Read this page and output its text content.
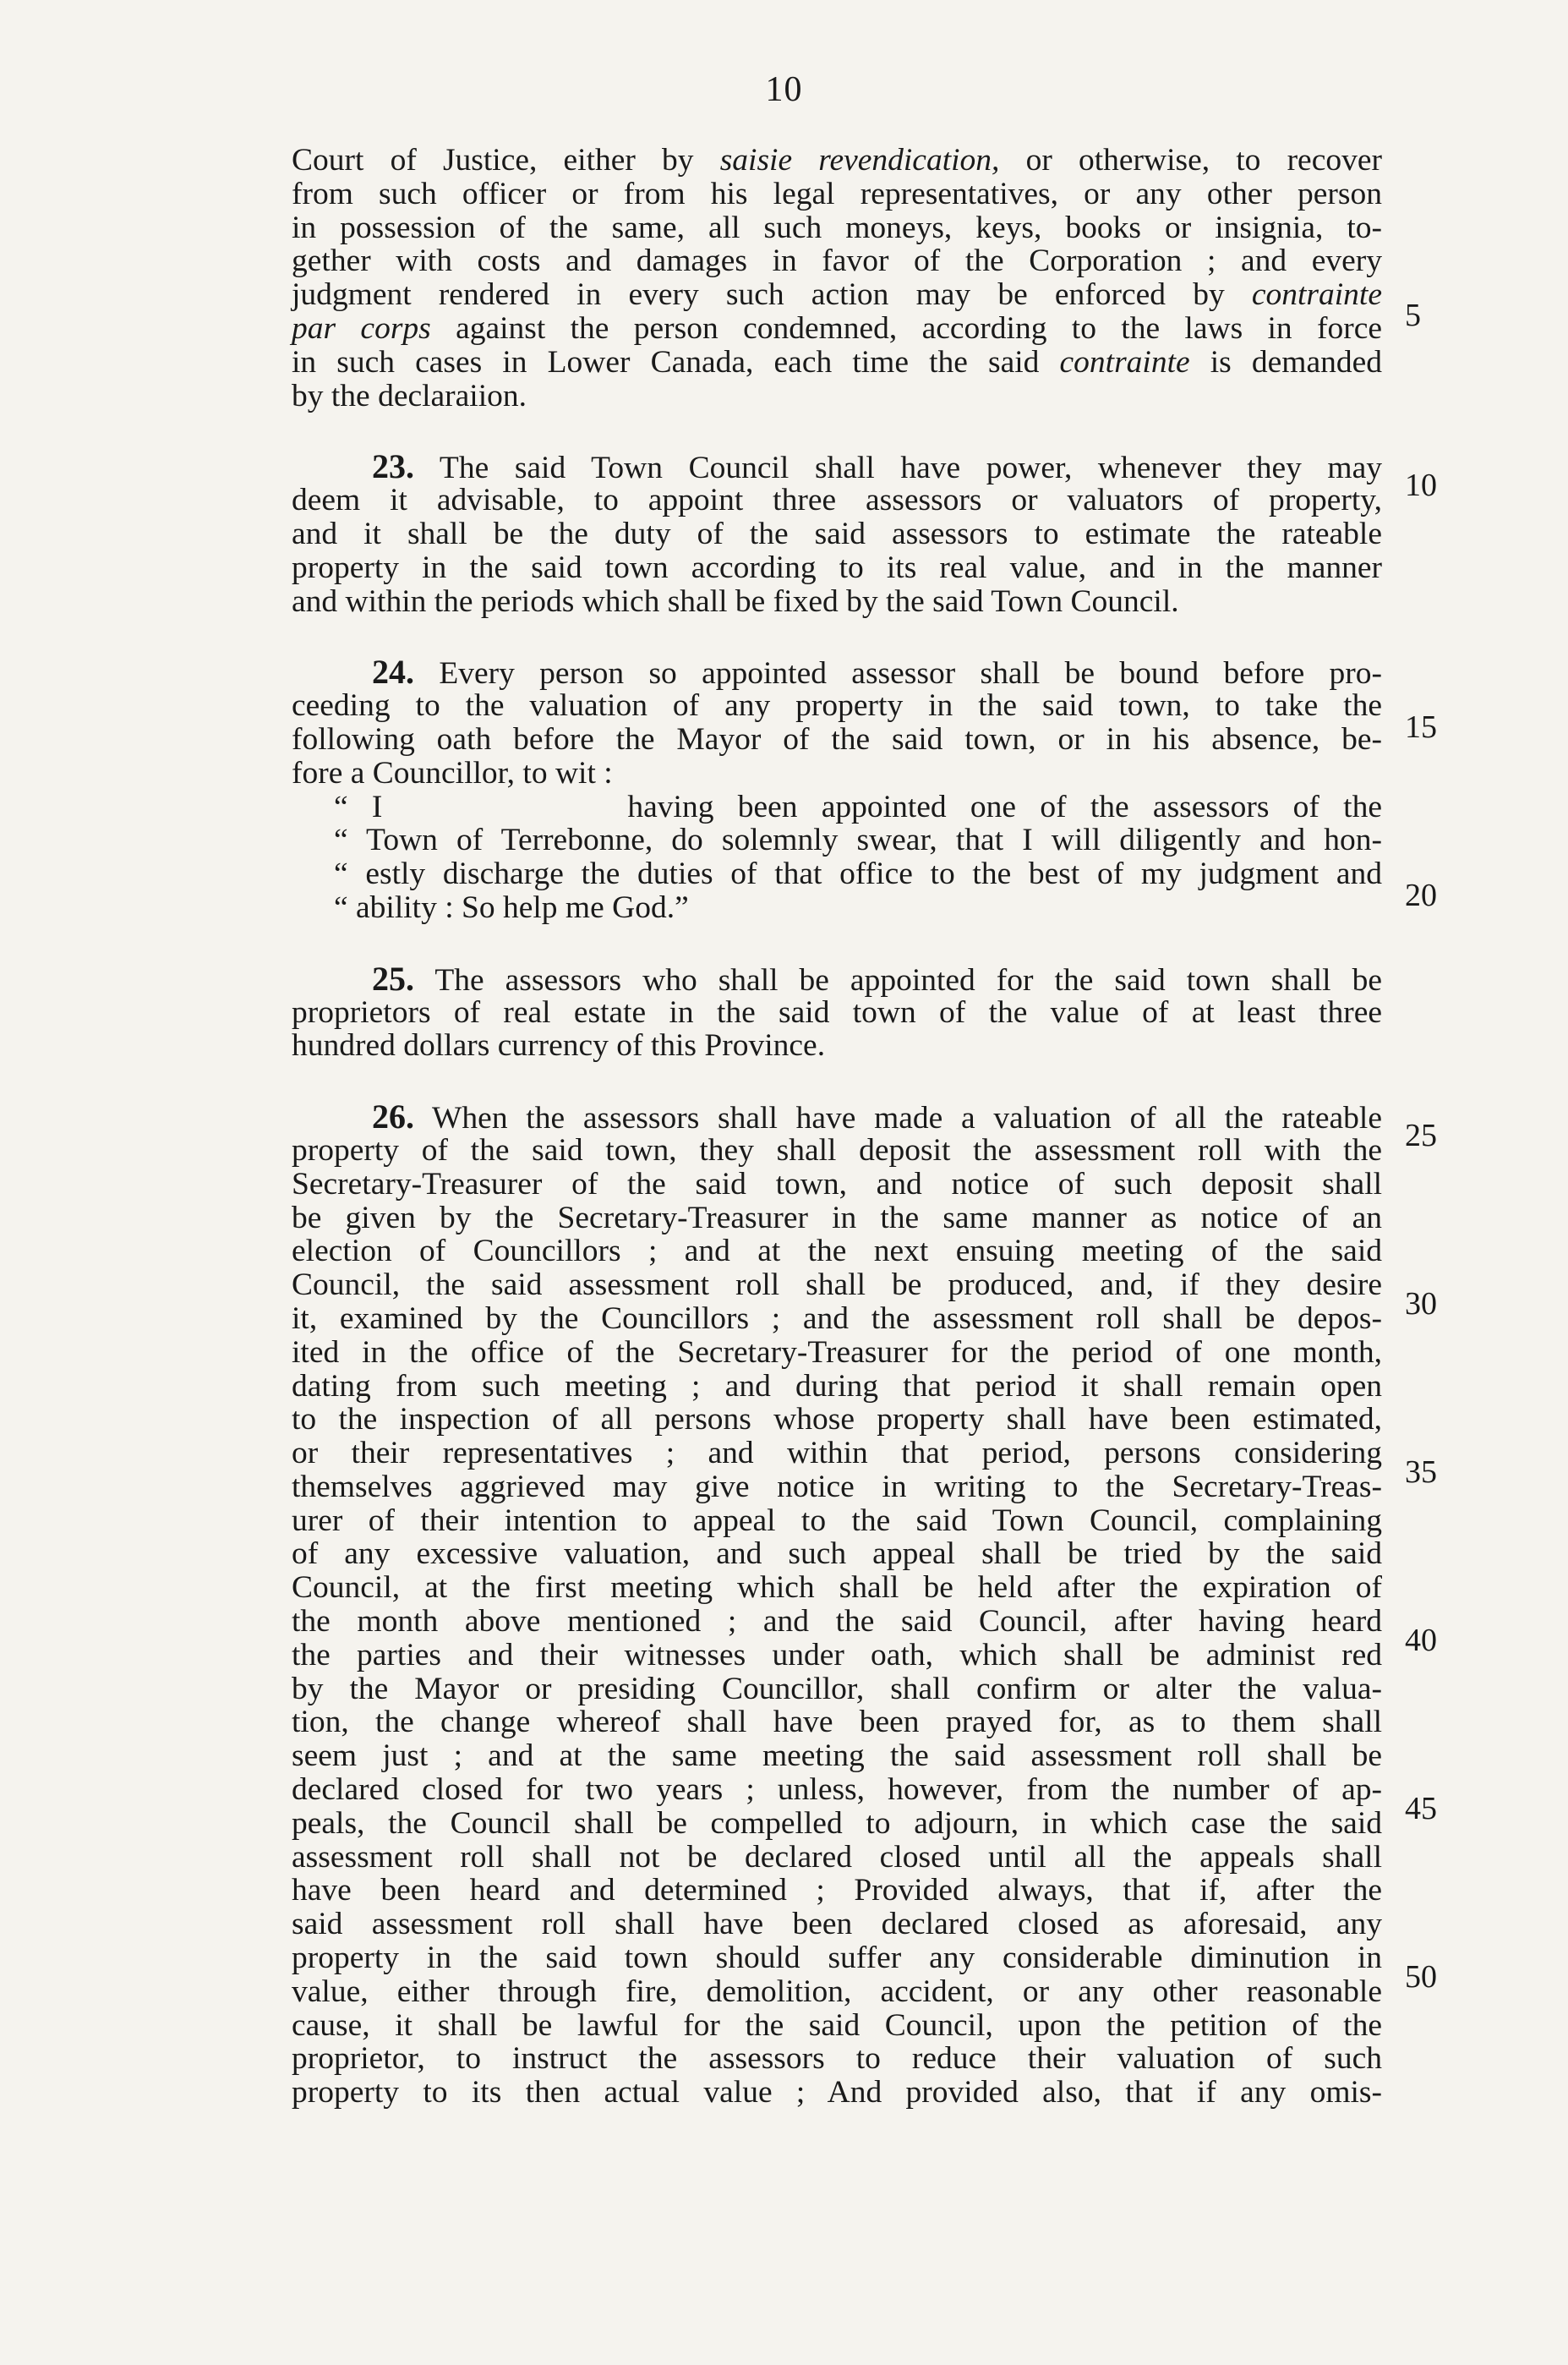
10
Court of Justice, either by saisie revendication, or otherwise, to recover
from such officer or from his legal representatives, or any other person
in possession of the same, all such moneys, keys, books or insignia, to-
gether with costs and damages in favor of the Corporation ; and every
judgment rendered in every such action may be enforced by contrainte
par corps against the person condemned, according to the laws in force
in such cases in Lower Canada, each time the said contrainte is demanded
by the declaraiion.
23. The said Town Council shall have power, whenever they may
deem it advisable, to appoint three assessors or valuators of property,
and it shall be the duty of the said assessors to estimate the rateable
property in the said town according to its real value, and in the manner
and within the periods which shall be fixed by the said Town Council.
24. Every person so appointed assessor shall be bound before pro-
ceeding to the valuation of any property in the said town, to take the
following oath before the Mayor of the said town, or in his absence, be-
fore a Councillor, to wit :
“ I	having been appointed one of the assessors of the
“ Town of Terrebonne, do solemnly swear, that I will diligently and hon-
“ estly discharge the duties of that office to the best of my judgment and
“ ability : So help me God.”
25. The assessors who shall be appointed for the said town shall be
proprietors of real estate in the said town of the value of at least three
hundred dollars currency of this Province.
26. When the assessors shall have made a valuation of all the rateable
property of the said town, they shall deposit the assessment roll with the
Secretary-Treasurer of the said town, and notice of such deposit shall
be given by the Secretary-Treasurer in the same manner as notice of an
election of Councillors ; and at the next ensuing meeting of the said
Council, the said assessment roll shall be produced, and, if they desire
it, examined by the Councillors ; and the assessment roll shall be depos-
ited in the office of the Secretary-Treasurer for the period of one month,
dating from such meeting ; and during that period it shall remain open
to the inspection of all persons whose property shall have been estimated,
or their representatives ; and within that period, persons considering
themselves aggrieved may give notice in writing to the Secretary-Treas-
urer of their intention to appeal to the said Town Council, complaining
of any excessive valuation, and such appeal shall be tried by the said
Council, at the first meeting which shall be held after the expiration of
the month above mentioned ; and the said Council, after having heard
the parties and their witnesses under oath, which shall be administ red
by the Mayor or presiding Councillor, shall confirm or alter the valua-
tion, the change whereof shall have been prayed for, as to them shall
seem just ; and at the same meeting the said assessment roll shall be
declared closed for two years ; unless, however, from the number of ap-
peals, the Council shall be compelled to adjourn, in which case the said
assessment roll shall not be declared closed until all the appeals shall
have been heard and determined ; Provided always, that if, after the
said assessment roll shall have been declared closed as aforesaid, any
property in the said town should suffer any considerable diminution in
value, either through fire, demolition, accident, or any other reasonable
cause, it shall be lawful for the said Council, upon the petition of the
proprietor, to instruct the assessors to reduce their valuation of such
property to its then actual value ; And provided also, that if any omis-
5
10
15
20
25
30
35
40
45
50
